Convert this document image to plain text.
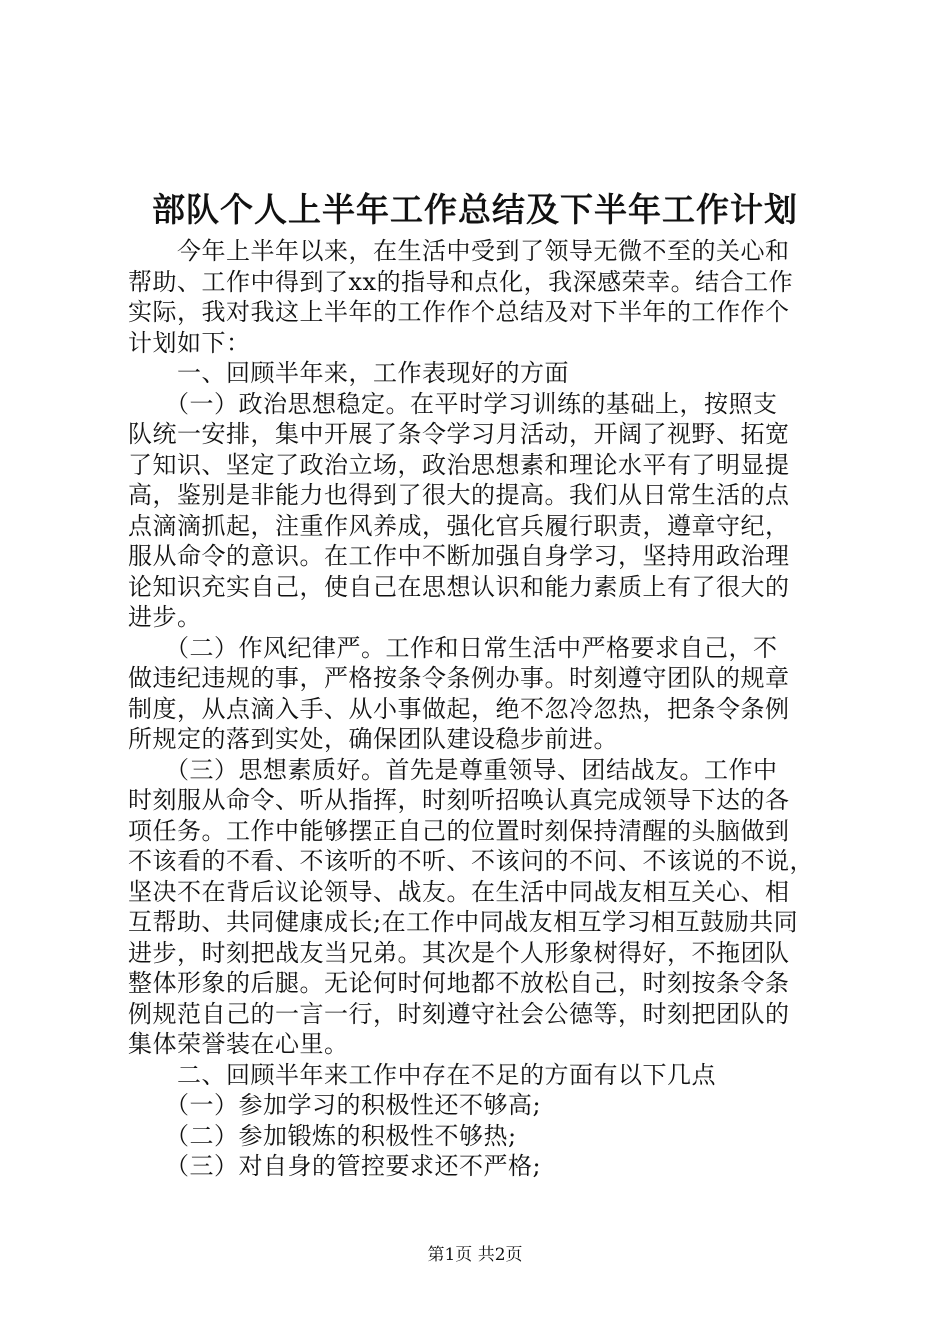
部队个人上半年工作总结及下半年工作计划

　　今年上半年以来，在生活中受到了领导无微不至的关心和

帮助、工作中得到了xx的指导和点化，我深感荣幸。结合工作

实际，我对我这上半年的工作作个总结及对下半年的工作作个

计划如下：

　　一、回顾半年来，工作表现好的方面

　　（一）政治思想稳定。在平时学习训练的基础上，按照支

队统一安排，集中开展了条令学习月活动，开阔了视野、拓宽

了知识、坚定了政治立场，政治思想素和理论水平有了明显提

高，鉴别是非能力也得到了很大的提高。我们从日常生活的点

点滴滴抓起，注重作风养成，强化官兵履行职责，遵章守纪，

服从命令的意识。在工作中不断加强自身学习，坚持用政治理

论知识充实自己，使自己在思想认识和能力素质上有了很大的

进步。

　　（二）作风纪律严。工作和日常生活中严格要求自己，不

做违纪违规的事，严格按条令条例办事。时刻遵守团队的规章

制度，从点滴入手、从小事做起，绝不忽冷忽热，把条令条例

所规定的落到实处，确保团队建设稳步前进。

　　（三）思想素质好。首先是尊重领导、团结战友。工作中

时刻服从命令、听从指挥，时刻听招唤认真完成领导下达的各

项任务。工作中能够摆正自己的位置时刻保持清醒的头脑做到

不该看的不看、不该听的不听、不该问的不问、不该说的不说，

坚决不在背后议论领导、战友。在生活中同战友相互关心、相

互帮助、共同健康成长;在工作中同战友相互学习相互鼓励共同

进步，时刻把战友当兄弟。其次是个人形象树得好，不拖团队

整体形象的后腿。无论何时何地都不放松自己，时刻按条令条

例规范自己的一言一行，时刻遵守社会公德等，时刻把团队的

集体荣誉装在心里。

　　二、回顾半年来工作中存在不足的方面有以下几点

　　（一）参加学习的积极性还不够高;

　　（二）参加锻炼的积极性不够热;

　　（三）对自身的管控要求还不严格;

第1页 共2页
